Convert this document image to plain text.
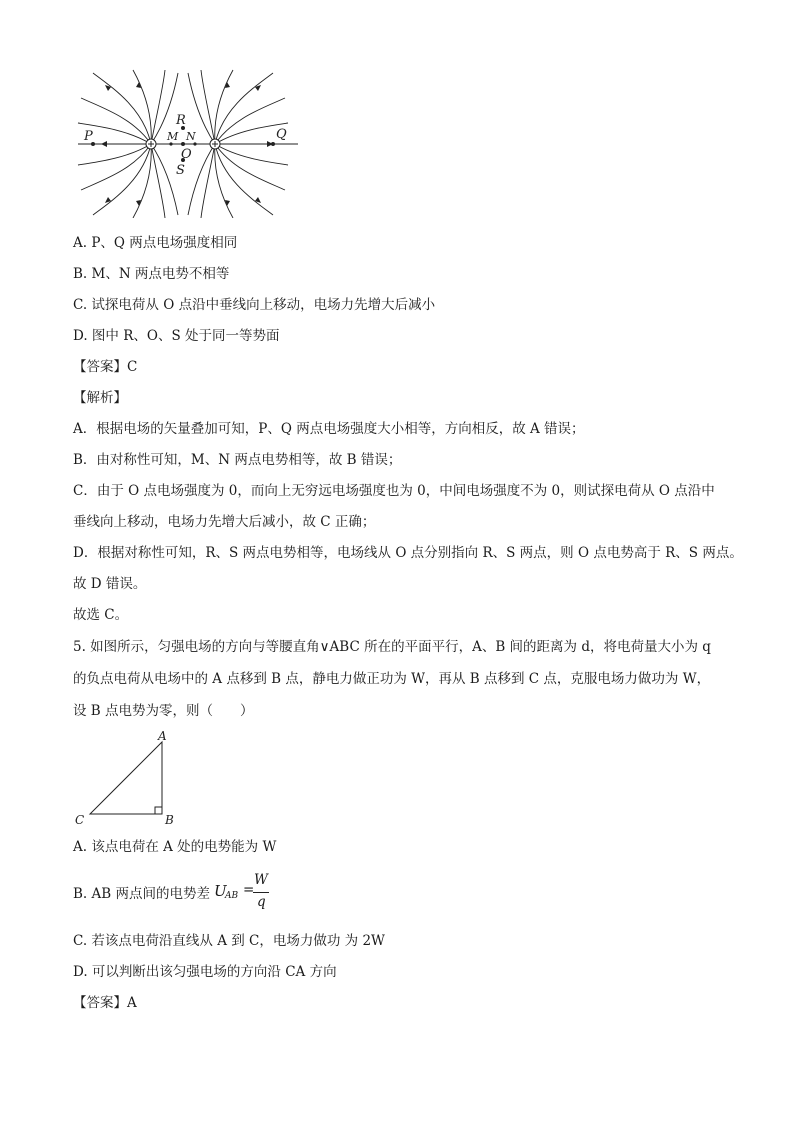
P	Q
R
M N
O
S
A. P、Q 两点电场强度相同
B. M、N 两点电势不相等
C. 试探电荷从 O 点沿中垂线向上移动，电场力先增大后减小
D. 图中 R、O、S 处于同一等势面
【答案】C
【解析】
A．根据电场的矢量叠加可知，P、Q 两点电场强度大小相等，方向相反，故 A 错误；
B．由对称性可知，M、N 两点电势相等，故 B 错误；
C．由于 O 点电场强度为 0，而向上无穷远电场强度也为 0，中间电场强度不为 0，则试探电荷从 O 点沿中
垂线向上移动，电场力先增大后减小，故 C 正确；
D．根据对称性可知，R、S 两点电势相等，电场线从 O 点分别指向 R、S 两点，则 O 点电势高于 R、S 两点。
故 D 错误。
故选 C。
5. 如图所示，匀强电场的方向与等腰直角∨ABC 所在的平面平行，A、B 间的距离为 d，将电荷量大小为 q
的负点电荷从电场中的 A 点移到 B 点，静电力做正功为 W，再从 B 点移到 C 点，克服电场力做功为 W，
设 B 点电势为零，则（　　）
A
B
C
A. 该点电荷在 A 处的电势能为 W
B. AB 两点间的电势差 U
AB =
W
q
C. 若该点电荷沿直线从 A 到 C，电场力做功 为 2W
D. 可以判断出该匀强电场的方向沿 CA 方向
【答案】A
